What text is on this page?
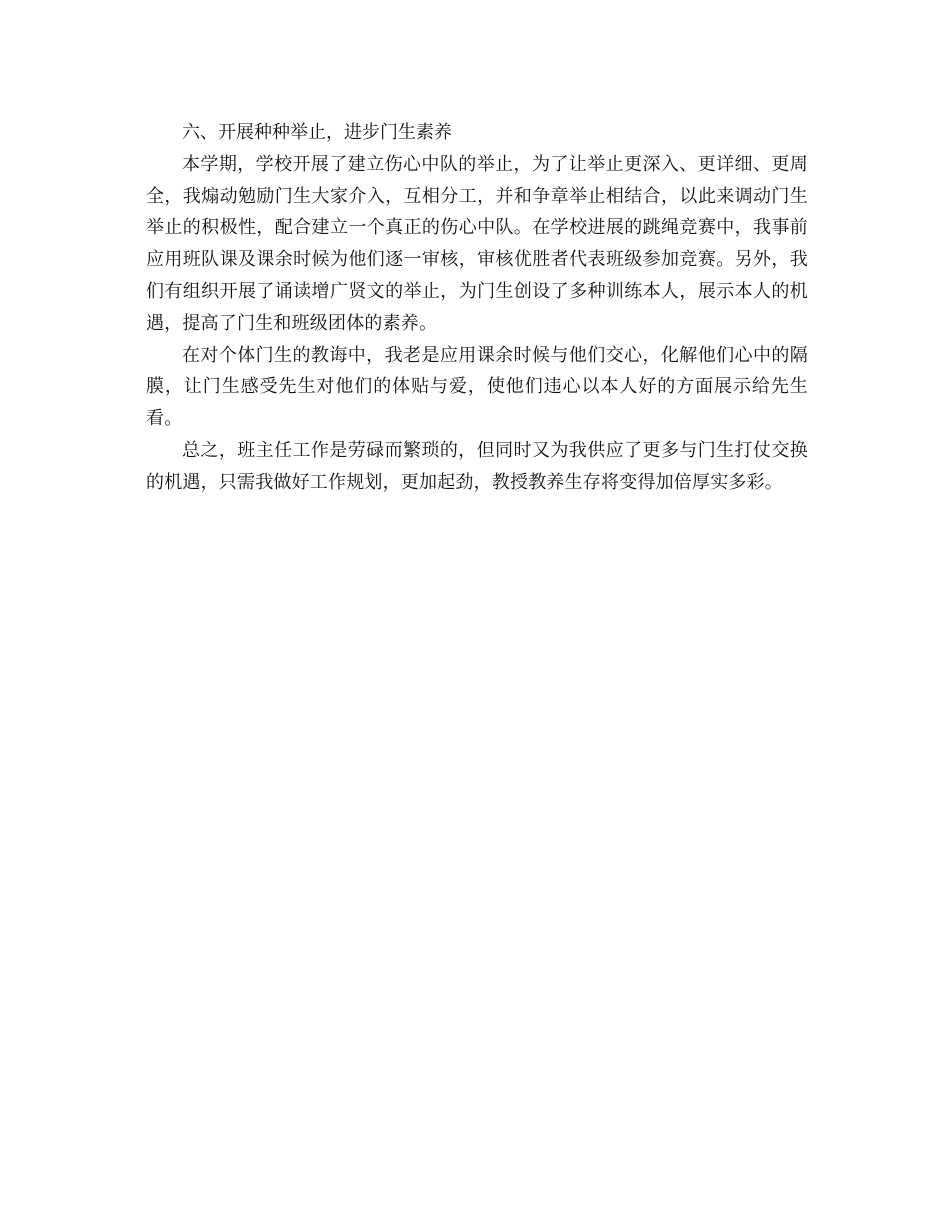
六、开展种种举止，进步门生素养

本学期，学校开展了建立伤心中队的举止，为了让举止更深入、更详细、更周全，我煽动勉励门生大家介入，互相分工，并和争章举止相结合，以此来调动门生举止的积极性，配合建立一个真正的伤心中队。在学校进展的跳绳竞赛中，我事前应用班队课及课余时候为他们逐一审核，审核优胜者代表班级参加竞赛。另外，我们有组织开展了诵读增广贤文的举止，为门生创设了多种训练本人，展示本人的机遇，提高了门生和班级团体的素养。

在对个体门生的教诲中，我老是应用课余时候与他们交心，化解他们心中的隔膜，让门生感受先生对他们的体贴与爱，使他们违心以本人好的方面展示给先生看。

总之，班主任工作是劳碌而繁琐的，但同时又为我供应了更多与门生打仗交换的机遇，只需我做好工作规划，更加起劲，教授教养生存将变得加倍厚实多彩。
